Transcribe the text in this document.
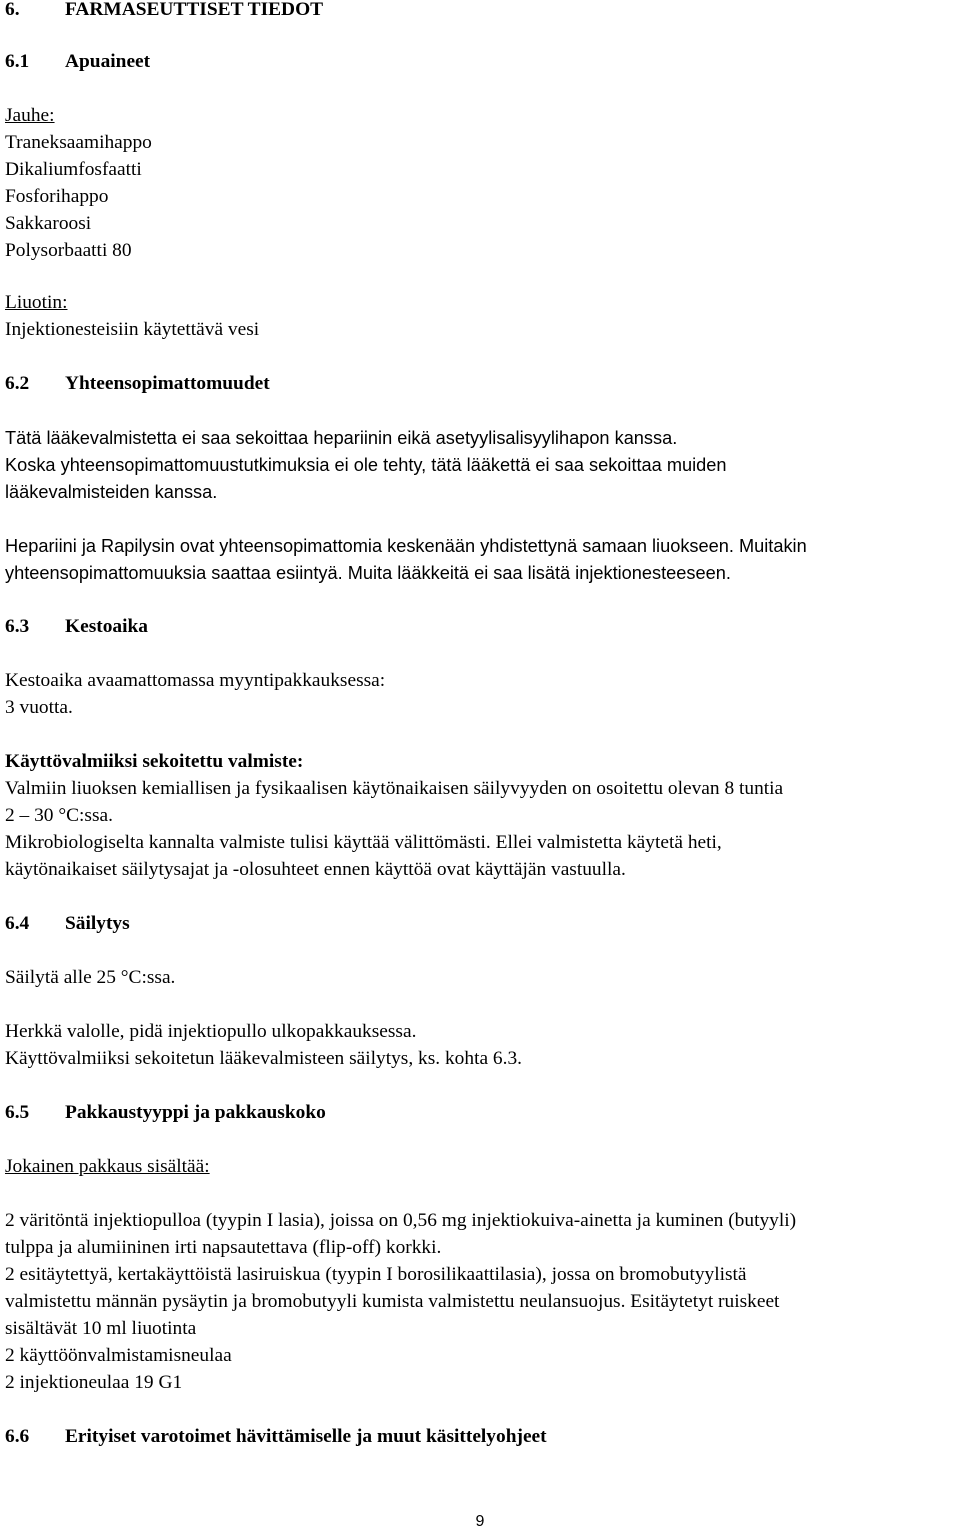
6. FARMASEUTTISET TIEDOT
6.1 Apuaineet
Jauhe:
Traneksaamihappo
Dikaliumfosfaatti
Fosforihappo
Sakkaroosi
Polysorbaatti 80
Liuotin:
Injektionesteisiin käytettävä vesi
6.2 Yhteensopimattomuudet
Tätä lääkevalmistetta ei saa sekoittaa hepariinin eikä asetyylisalisyylihapon kanssa.
Koska yhteensopimattomuustutkimuksia ei ole tehty, tätä lääkettä ei saa sekoittaa muiden
lääkevalmisteiden kanssa.
Hepariini ja Rapilysin ovat yhteensopimattomia keskenään yhdistettynä samaan liuokseen. Muitakin
yhteensopimattomuuksia saattaa esiintyä. Muita lääkkeitä ei saa lisätä injektionesteeseen.
6.3 Kestoaika
Kestoaika avaamattomassa myyntipakkauksessa:
3 vuotta.
Käyttövalmiiksi sekoitettu valmiste:
Valmiin liuoksen kemiallisen ja fysikaalisen käytönaikaisen säilyvyyden on osoitettu olevan 8 tuntia
2 – 30 °C:ssa.
Mikrobiologiselta kannalta valmiste tulisi käyttää välittömästi. Ellei valmistetta käytetä heti,
käytönaikaiset säilytysajat ja -olosuhteet ennen käyttöä ovat käyttäjän vastuulla.
6.4 Säilytys
Säilytä alle 25 °C:ssa.
Herkkä valolle, pidä injektiopullo ulkopakkauksessa.
Käyttövalmiiksi sekoitetun lääkevalmisteen säilytys, ks. kohta 6.3.
6.5 Pakkaustyyppi ja pakkauskoko
Jokainen pakkaus sisältää:
2 väritöntä injektiopulloa (tyypin I lasia), joissa on 0,56 mg injektiokuiva-ainetta ja kuminen (butyyli)
tulppa ja alumiininen irti napsautettava (flip-off) korkki.
2 esitäytettyä, kertakäyttöistä lasiruiskua (tyypin I borosilikaattilasia), jossa on bromobutyylistä
valmistettu männän pysäytin ja bromobutyyli kumista valmistettu neulansuojus. Esitäytetyt ruiskeet
sisältävät 10 ml liuotinta
2 käyttöönvalmistamisneulaa
2 injektioneulaa 19 G1
6.6 Erityiset varotoimet hävittämiselle ja muut käsittelyohjeet
9
